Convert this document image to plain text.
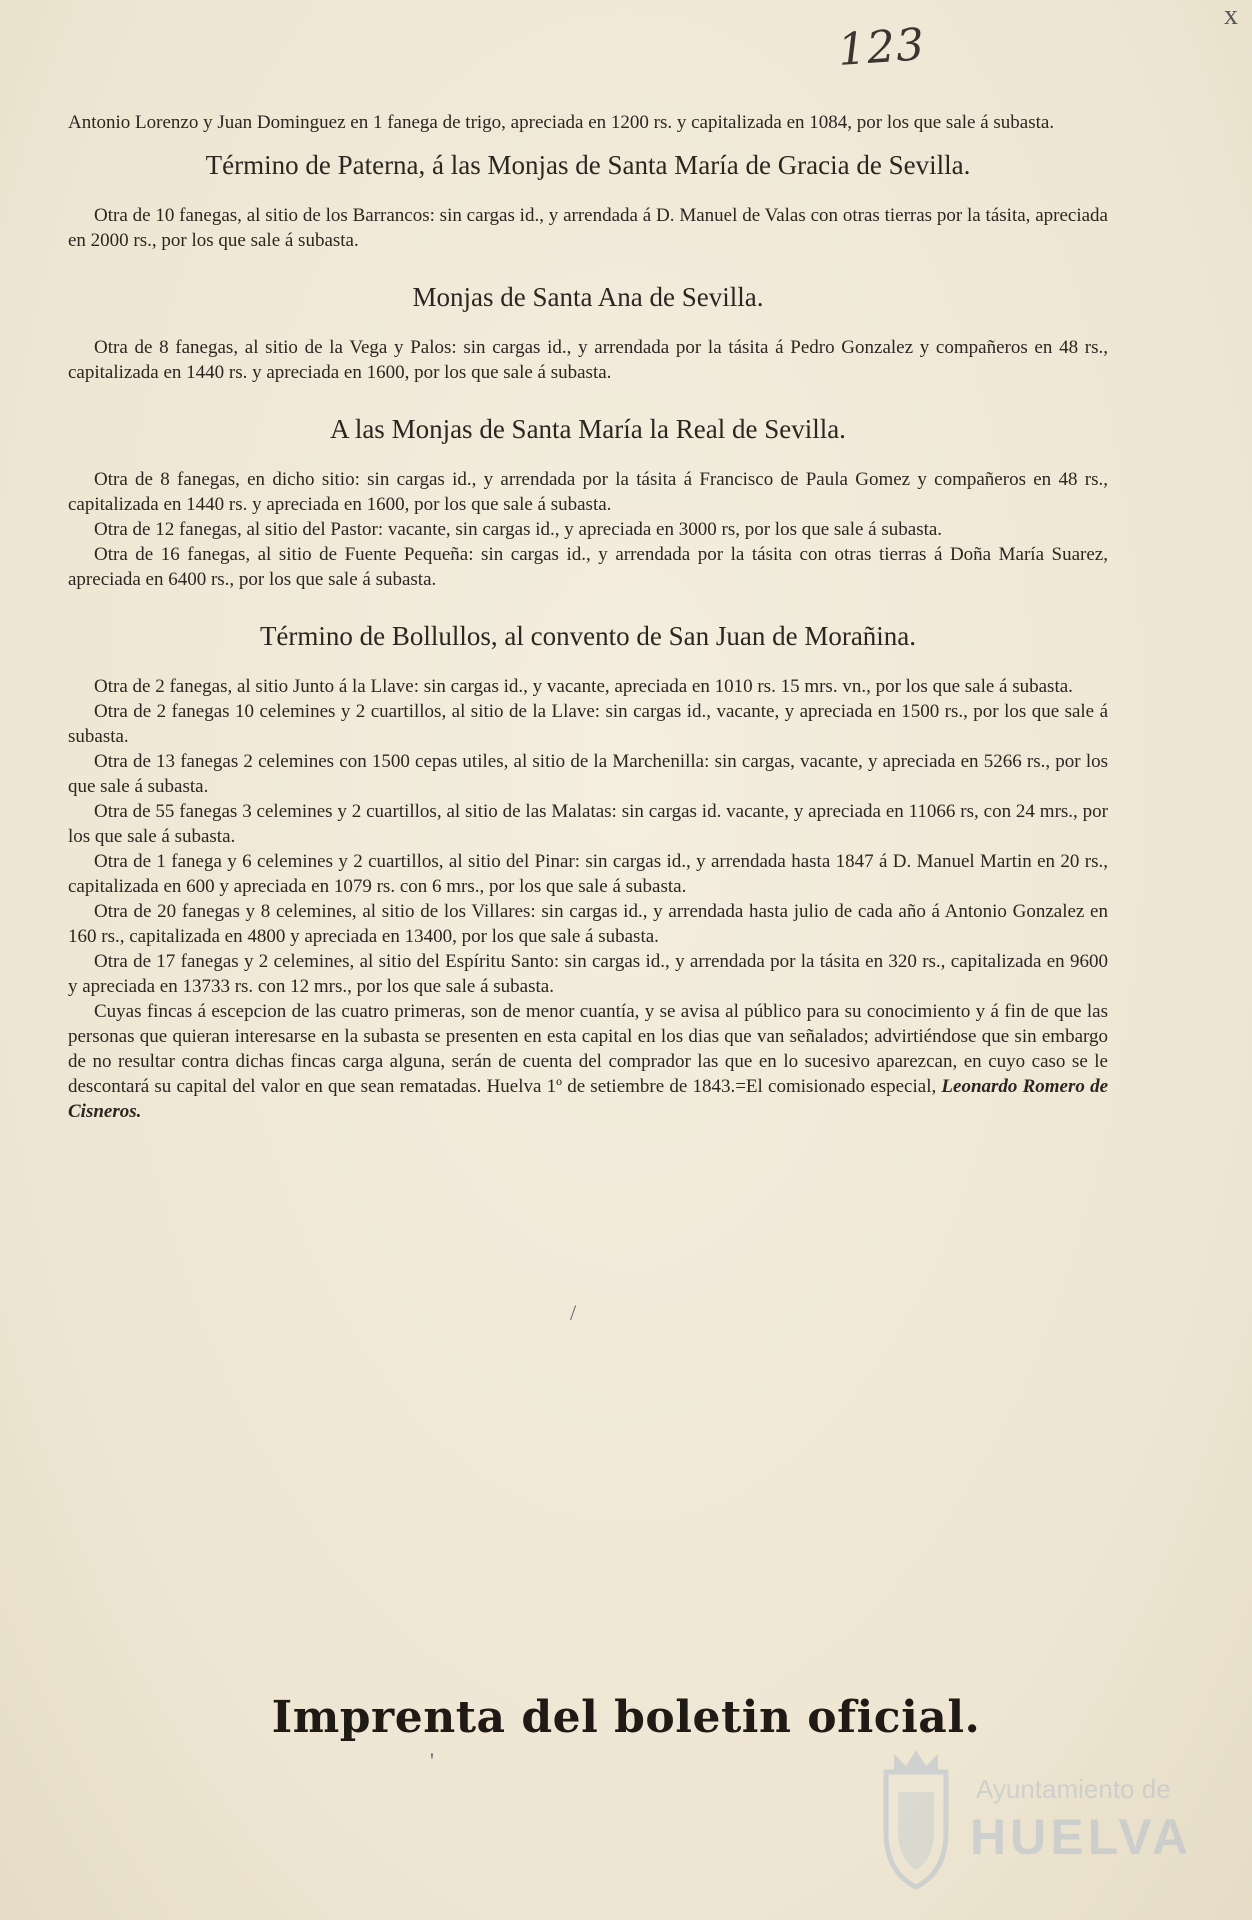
x
123

Antonio Lorenzo y Juan Dominguez en 1 fanega de trigo, apreciada en 1200 rs. y capitalizada en 1084, por los que sale á subasta.

Término de Paterna, á las Monjas de Santa María de Gracia de Sevilla.

Otra de 10 fanegas, al sitio de los Barrancos: sin cargas id., y arrendada á D. Manuel de Valas con otras tierras por la tásita, apreciada en 2000 rs., por los que sale á subasta.

Monjas de Santa Ana de Sevilla.

Otra de 8 fanegas, al sitio de la Vega y Palos: sin cargas id., y arrendada por la tásita á Pedro Gonzalez y compañeros en 48 rs., capitalizada en 1440 rs. y apreciada en 1600, por los que sale á subasta.

A las Monjas de Santa María la Real de Sevilla.

Otra de 8 fanegas, en dicho sitio: sin cargas id., y arrendada por la tásita á Francisco de Paula Gomez y compañeros en 48 rs., capitalizada en 1440 rs. y apreciada en 1600, por los que sale á subasta.

Otra de 12 fanegas, al sitio del Pastor: vacante, sin cargas id., y apreciada en 3000 rs, por los que sale á subasta.

Otra de 16 fanegas, al sitio de Fuente Pequeña: sin cargas id., y arrendada por la tásita con otras tierras á Doña María Suarez, apreciada en 6400 rs., por los que sale á subasta.

Término de Bollullos, al convento de San Juan de Morañina.

Otra de 2 fanegas, al sitio Junto á la Llave: sin cargas id., y vacante, apreciada en 1010 rs. 15 mrs. vn., por los que sale á subasta.

Otra de 2 fanegas 10 celemines y 2 cuartillos, al sitio de la Llave: sin cargas id., vacante, y apreciada en 1500 rs., por los que sale á subasta.

Otra de 13 fanegas 2 celemines con 1500 cepas utiles, al sitio de la Marchenilla: sin cargas, vacante, y apreciada en 5266 rs., por los que sale á subasta.

Otra de 55 fanegas 3 celemines y 2 cuartillos, al sitio de las Malatas: sin cargas id. vacante, y apreciada en 11066 rs, con 24 mrs., por los que sale á subasta.

Otra de 1 fanega y 6 celemines y 2 cuartillos, al sitio del Pinar: sin cargas id., y arrendada hasta 1847 á D. Manuel Martin en 20 rs., capitalizada en 600 y apreciada en 1079 rs. con 6 mrs., por los que sale á subasta.

Otra de 20 fanegas y 8 celemines, al sitio de los Villares: sin cargas id., y arrendada hasta julio de cada año á Antonio Gonzalez en 160 rs., capitalizada en 4800 y apreciada en 13400, por los que sale á subasta.

Otra de 17 fanegas y 2 celemines, al sitio del Espíritu Santo: sin cargas id., y arrendada por la tásita en 320 rs., capitalizada en 9600 y apreciada en 13733 rs. con 12 mrs., por los que sale á subasta.

Cuyas fincas á escepcion de las cuatro primeras, son de menor cuantía, y se avisa al público para su conocimiento y á fin de que las personas que quieran interesarse en la subasta se presenten en esta capital en los dias que van señalados; advirtiéndose que sin embargo de no resultar contra dichas fincas carga alguna, serán de cuenta del comprador las que en lo sucesivo aparezcan, en cuyo caso se le descontará su capital del valor en que sean rematadas. Huelva 1º de setiembre de 1843.=El comisionado especial, Leonardo Romero de Cisneros.

/
'
Imprenta del boletin oficial.
Ayuntamiento de
HUELVA
